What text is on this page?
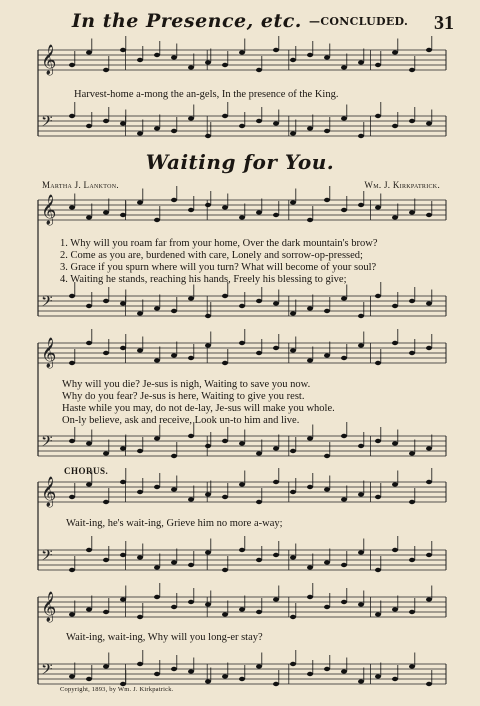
In the Presence, etc. —CONCLUDED.	31
𝄞
𝄢
𝄞
𝄢
𝄞
𝄢
𝄞
𝄢
𝄞
𝄢
Harvest-home a-mong the an-gels, In the presence of the King.
Waiting for You.
Martha J. Lankton.	Wm. J. Kirkpatrick.
1. Why will you roam far from your home, Over the dark mountain's brow?
2. Come as you are, burdened with care, Lonely and sorrow-op-pressed;
3. Grace if you spurn where will you turn? What will become of your soul?
4. Waiting he stands, reaching his hands, Freely his blessing to give;
Why will you die? Je-sus is nigh, Waiting to save you now.
Why do you fear? Je-sus is here, Waiting to give you rest.
Haste while you may, do not de-lay, Je-sus will make you whole.
On-ly believe, ask and receive, Look un-to him and live.
CHORUS.
Wait-ing, he's wait-ing, Grieve him no more a-way;
Wait-ing, wait-ing, Why will you long-er stay?
Copyright, 1893, by Wm. J. Kirkpatrick.
